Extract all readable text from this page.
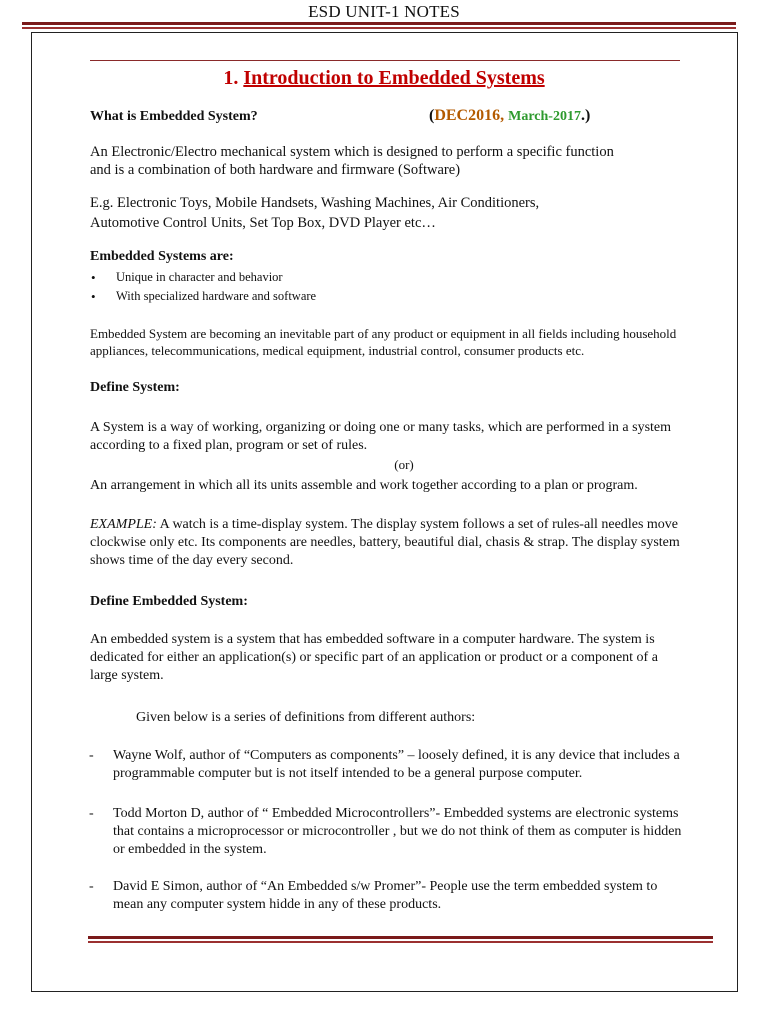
ESD UNIT-1 NOTES
1. Introduction to Embedded Systems
What is Embedded System?	(DEC2016, March-2017.)
An Electronic/Electro mechanical system which is designed to perform a specific function
and is a combination of both hardware and firmware (Software)
E.g. Electronic Toys, Mobile Handsets, Washing Machines, Air Conditioners,
Automotive Control Units, Set Top Box, DVD Player etc…
Embedded Systems are:
• Unique in character and behavior
• With specialized hardware and software
Embedded System are becoming an inevitable part of any product or equipment in all fields including household
appliances, telecommunications, medical equipment, industrial control, consumer products etc.
Define System:
A System is a way of working, organizing or doing one or many tasks, which are performed in a system
according to a fixed plan, program or set of rules.
(or)
An arrangement in which all its units assemble and work together according to a plan or program.
EXAMPLE: A watch is a time-display system. The display system follows a set of rules-all needles move
clockwise only etc. Its components are needles, battery, beautiful dial, chasis & strap. The display system
shows time of the day every second.
Define Embedded System:
An embedded system is a system that has embedded software in a computer hardware. The system is
dedicated for either an application(s) or specific part of an application or product or a component of a
large system.
Given below is a series of definitions from different authors:
- Wayne Wolf, author of “Computers as components” – loosely defined, it is any device that includes a
programmable computer but is not itself intended to be a general purpose computer.
- Todd Morton D, author of “ Embedded Microcontrollers”- Embedded systems are electronic systems
that contains a microprocessor or microcontroller , but we do not think of them as computer is hidden
or embedded in the system.
- David E Simon, author of “An Embedded s/w Promer”- People use the term embedded system to
mean any computer system hidde in any of these products.
